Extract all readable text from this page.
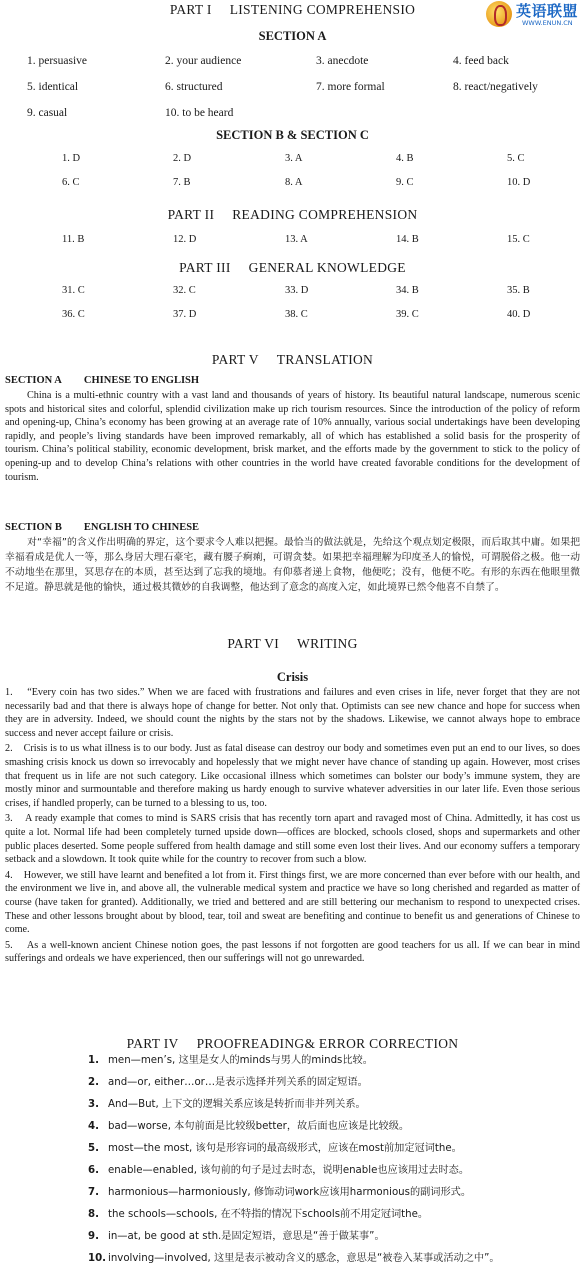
PART I LISTENING COMPREHENSIO	英语联盟
WWW.ENUN.CN
SECTION A
1. persuasive	2. your audience	3. anecdote	4. feed back
5. identical	6. structured	7. more formal	8. react/negatively
9. casual	10. to be heard
SECTION B & SECTION C
1. D	2. D	3. A	4. B	5. C
6. C	7. B	8. A	9. C	10. D
PART II READING COMPREHENSION
11. B	12. D	13. A	14. B	15. C
PART III GENERAL KNOWLEDGE
31. C	32. C	33. D	34. B	35. B
36. C	37. D	38. C	39. C	40. D
PART V TRANSLATION
SECTION A CHINESE TO ENGLISH
China is a multi-ethnic country with a vast land and thousands of years of history. Its beautiful natural landscape, numerous scenic spots and historical sites and colorful, splendid civilization make up rich tourism resources. Since the introduction of the policy of reform and opening-up, China’s economy has been growing at an average rate of 10% annually, various social undertakings have been developing rapidly, and people’s living standards have been improved remarkably, all of which has established a solid basis for the prosperity of tourism. China’s political stability, economic development, brisk market, and the efforts made by the government to stick to the policy of opening-up and to develop China’s relations with other countries in the world have created favorable conditions for the development of tourism.
SECTION B ENGLISH TO CHINESE
对“幸福”的含义作出明确的界定，这个要求令人难以把握。最恰当的做法就是，先给这个观点划定极限，而后取其中庸。如果把幸福看成是优人一等，那么身居大理石豪宅，藏有腰子痾痢，可谓贪婪。如果把幸福理解为印度圣人的愉悦，可谓脱俗之极。他一动不动地坐在那里，冥思存在的本质，甚至达到了忘我的境地。有仰慕者递上食物，他便吃；没有，他便不吃。有形的东西在他眼里微不足道。静思就是他的愉快，通过极其微妙的自我调整，他达到了意念的高度入定，如此境界已然令他喜不自禁了。
PART VI WRITING
Crisis
1. “Every coin has two sides.” When we are faced with frustrations and failures and even crises in life, never forget that they are not necessarily bad and that there is always hope of change for better. Not only that. Optimists can see new chance and hope for success when they are in adversity. Indeed, we should count the nights by the stars not by the shadows. Likewise, we cannot always hope to embrace success and never accept failure or crisis.
2. Crisis is to us what illness is to our body. Just as fatal disease can destroy our body and sometimes even put an end to our lives, so does smashing crisis knock us down so irrevocably and hopelessly that we might never have chance of standing up again. However, most crises that frequent us in life are not such category. Like occasional illness which sometimes can bolster our body’s immune system, they are mostly minor and surmountable and therefore making us hardy enough to survive whatever adversities in our later life. Even those serious crises, if handled properly, can be turned to a blessing to us, too.
3. A ready example that comes to mind is SARS crisis that has recently torn apart and ravaged most of China. Admittedly, it has cost us quite a lot. Normal life had been completely turned upside down—offices are blocked, schools closed, shops and supermarkets and other public places deserted. Some people suffered from health damage and still some even lost their lives. And our economy suffers a temporary setback and a slowdown. It took quite while for the country to recover from such a blow.
4. However, we still have learnt and benefited a lot from it. First things first, we are more concerned than ever before with our health, and the environment we live in, and above all, the vulnerable medical system and practice we have so long cherished and regarded as matter of course (have taken for granted). Additionally, we tried and bettered and are still bettering our mechanism to respond to unexpected crises. These and other lessons brought about by blood, tear, toil and sweat are benefiting and continue to benefit us and generations of Chinese to come.
5. As a well-known ancient Chinese notion goes, the past lessons if not forgotten are good teachers for us all. If we can bear in mind sufferings and ordeals we have experienced, then our sufferings will not go unrewarded.
PART IV PROOFREADING& ERROR CORRECTION
1. men—men’s, 这里是女人的minds与男人的minds比较。
2. and—or, either…or…是表示选择并列关系的固定短语。
3. And—But, 上下文的逻辑关系应该是转折而非并列关系。
4. bad—worse, 本句前面是比较级better，故后面也应该是比较级。
5. most—the most, 该句是形容词的最高级形式，应该在most前加定冠词the。
6. enable—enabled, 该句前的句子是过去时态，说明enable也应该用过去时态。
7. harmonious—harmoniously, 修饰动词work应该用harmonious的副词形式。
8. the schools—schools, 在不特指的情况下schools前不用定冠词the。
9. in—at, be good at sth.是固定短语，意思是“善于做某事”。
10. involving—involved, 这里是表示被动含义的感念，意思是“被卷入某事或活动之中”。
